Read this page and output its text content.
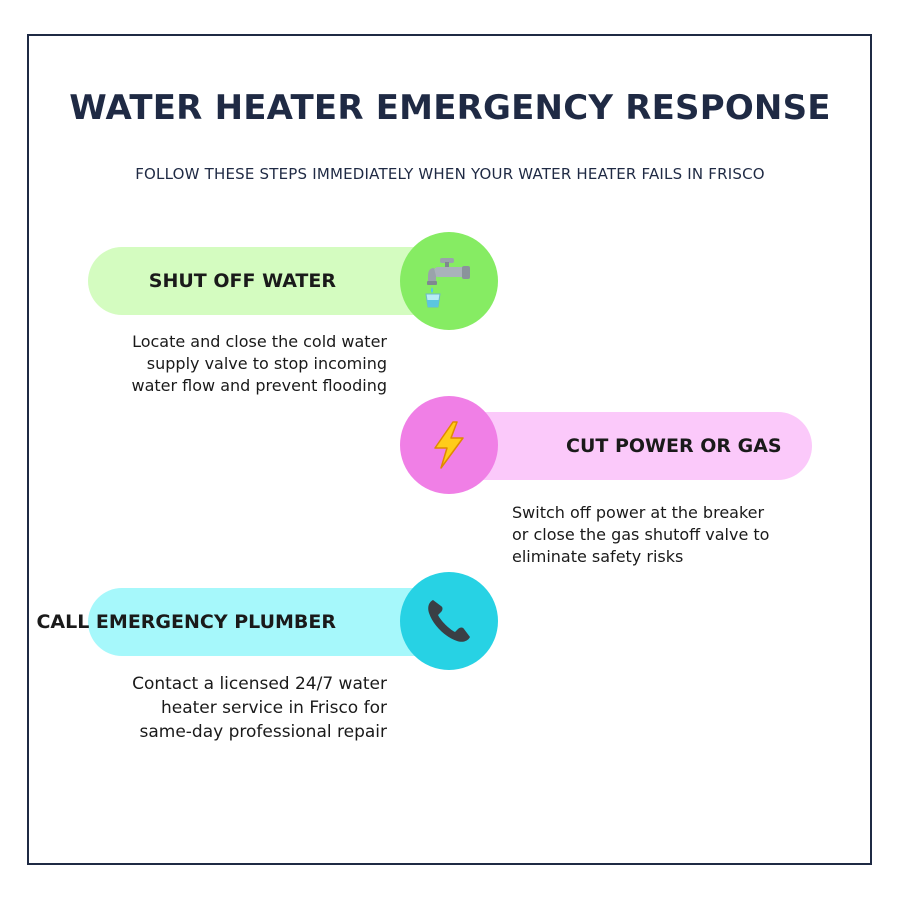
WATER HEATER EMERGENCY RESPONSE
FOLLOW THESE STEPS IMMEDIATELY WHEN YOUR WATER HEATER FAILS IN FRISCO
SHUT OFF WATER
Locate and close the cold water
supply valve to stop incoming
water flow and prevent flooding
CUT POWER OR GAS
Switch off power at the breaker
or close the gas shutoff valve to
eliminate safety risks
CALL EMERGENCY PLUMBER
Contact a licensed 24/7 water
heater service in Frisco for
same-day professional repair
